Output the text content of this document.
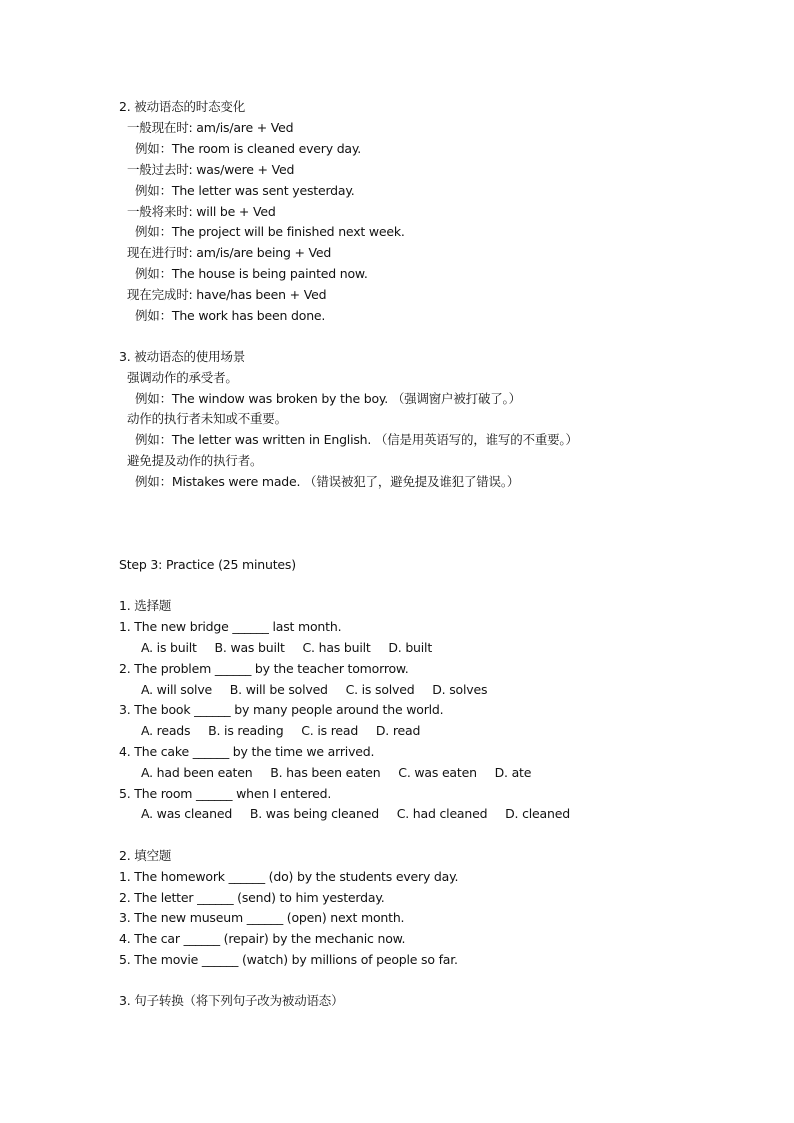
2. 被动语态的时态变化
一般现在时: am/is/are + Ved
例如：The room is cleaned every day.
一般过去时: was/were + Ved
例如：The letter was sent yesterday.
一般将来时: will be + Ved
例如：The project will be finished next week.
现在进行时: am/is/are being + Ved
例如：The house is being painted now.
现在完成时: have/has been + Ved
例如：The work has been done.
3. 被动语态的使用场景
强调动作的承受者。
例如：The window was broken by the boy. （强调窗户被打破了。）
动作的执行者未知或不重要。
例如：The letter was written in English. （信是用英语写的，谁写的不重要。）
避免提及动作的执行者。
例如：Mistakes were made. （错误被犯了，避免提及谁犯了错误。）
Step 3: Practice (25 minutes)
1. 选择题
1. The new bridge ______ last month.
A. is built B. was built C. has built D. built
2. The problem ______ by the teacher tomorrow.
A. will solve B. will be solved C. is solved D. solves
3. The book ______ by many people around the world.
A. reads B. is reading C. is read D. read
4. The cake ______ by the time we arrived.
A. had been eaten B. has been eaten C. was eaten D. ate
5. The room ______ when I entered.
A. was cleaned B. was being cleaned C. had cleaned D. cleaned
2. 填空题
1. The homework ______ (do) by the students every day.
2. The letter ______ (send) to him yesterday.
3. The new museum ______ (open) next month.
4. The car ______ (repair) by the mechanic now.
5. The movie ______ (watch) by millions of people so far.
3. 句子转换（将下列句子改为被动语态）
